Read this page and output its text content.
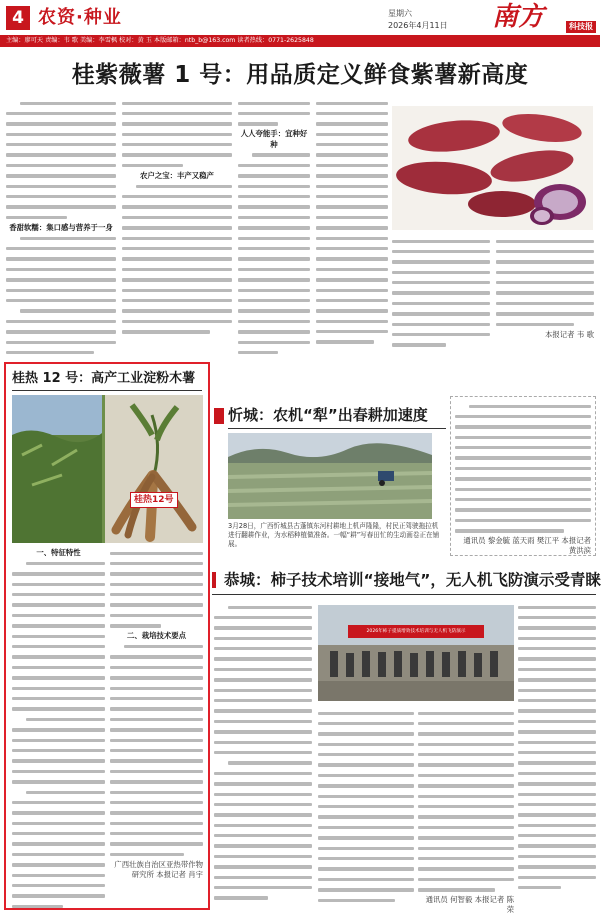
4 农资·种业	星期六
2026年4月11日 南方	科技报
主编：廖可天 责编：韦 歌 美编：李雪枫 校对：黄 玉 本版邮箱：ntb_b@163.com 读者热线：0771-2625848
桂紫薇薯 1 号：用品质定义鲜食紫薯新高度
香甜软糯：集口感与营养于一身
农户之宝：丰产又稳产
人人夸能手：宜种好种
本报记者 韦 歌
桂热 12 号：高产工业淀粉木薯
桂热12号
一、特征特性
二、栽培技术要点
广西壮族自治区亚热带作物研究所 本报记者 肖宇
忻城：农机“犁”出春耕加速度
3月28日，广西忻城县古蓬镇东河村耕地上机声隆隆，村民正驾驶拖拉机进行翻耕作业，为水稻种植做准备。一幅“耕”写春田忙的生动画卷正在铺展。	通讯员 黎金毓 蓝天雨 樊江平 本报记者 黄洪滨
恭城：柿子技术培训“接地气”，无人机飞防演示受青睐
2026年柿子提质增效技术培训与无人机飞防演示
通讯员 何智毅 本报记者 陈 荣
